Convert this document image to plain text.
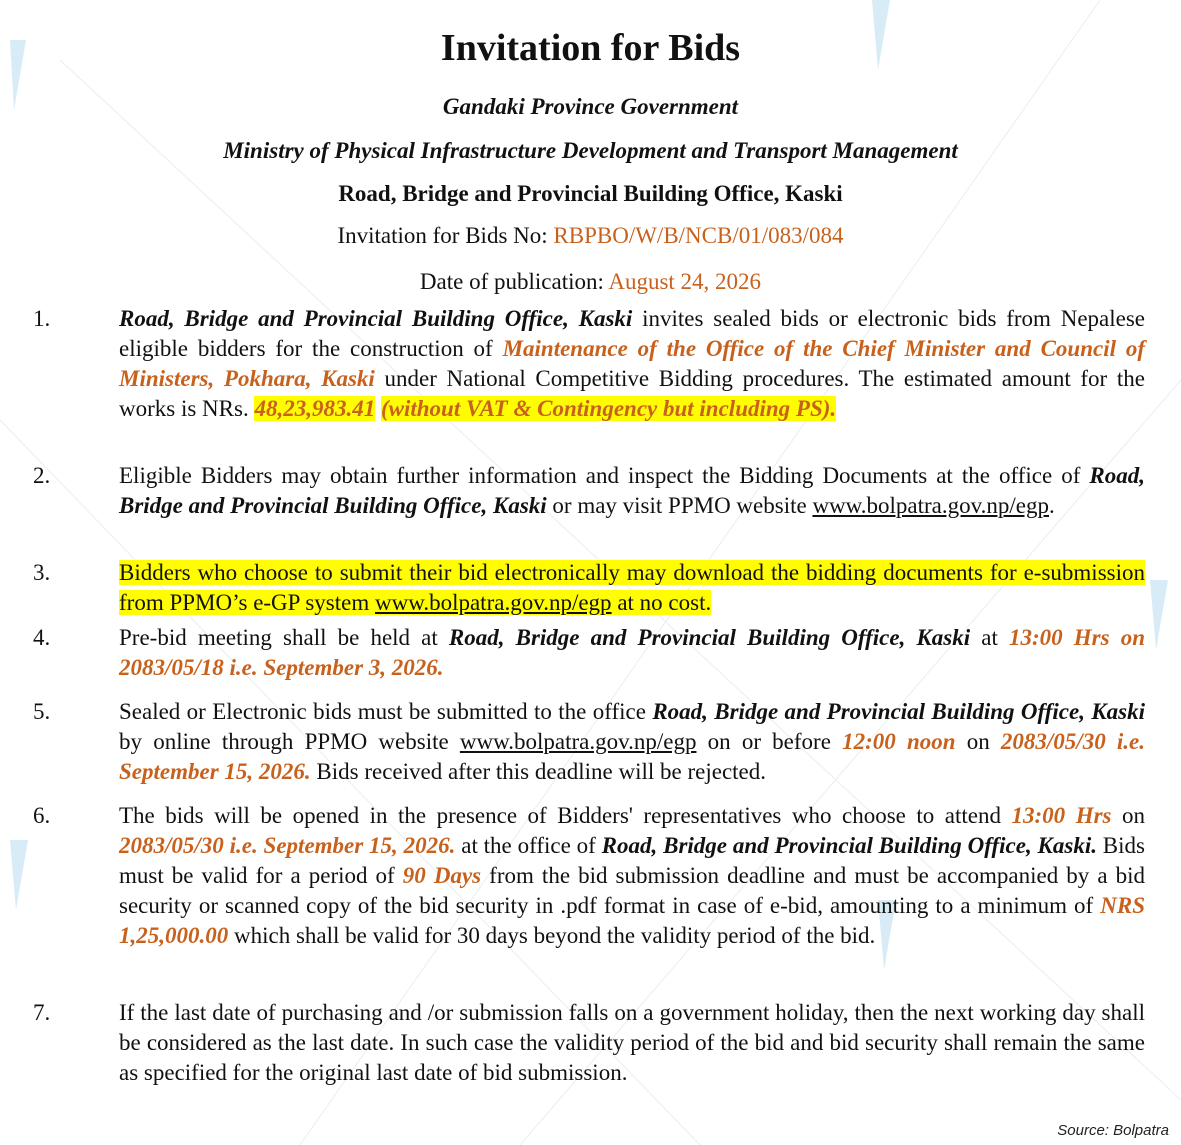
Invitation for Bids
Gandaki Province Government
Ministry of Physical Infrastructure Development and Transport Management
Road, Bridge and Provincial Building Office, Kaski
Invitation for Bids No: RBPBO/W/B/NCB/01/083/084
Date of publication: August 24, 2026
1.	Road, Bridge and Provincial Building Office, Kaski invites sealed bids or electronic bids from Nepalese eligible bidders for the construction of Maintenance of the Office of the Chief Minister and Council of Ministers, Pokhara, Kaski under National Competitive Bidding procedures. The estimated amount for the works is NRs. 48,23,983.41 (without VAT & Contingency but including PS).
2.	Eligible Bidders may obtain further information and inspect the Bidding Documents at the office of Road, Bridge and Provincial Building Office, Kaski or may visit PPMO website www.bolpatra.gov.np/egp.
3.	Bidders who choose to submit their bid electronically may download the bidding documents for e-submission from PPMO’s e-GP system www.bolpatra.gov.np/egp at no cost.
4.	Pre-bid meeting shall be held at Road, Bridge and Provincial Building Office, Kaski at 13:00 Hrs on 2083/05/18 i.e. September 3, 2026.
5.	Sealed or Electronic bids must be submitted to the office Road, Bridge and Provincial Building Office, Kaski by online through PPMO website www.bolpatra.gov.np/egp on or before 12:00 noon on 2083/05/30 i.e. September 15, 2026. Bids received after this deadline will be rejected.
6.	The bids will be opened in the presence of Bidders' representatives who choose to attend 13:00 Hrs on 2083/05/30 i.e. September 15, 2026. at the office of Road, Bridge and Provincial Building Office, Kaski. Bids must be valid for a period of 90 Days from the bid submission deadline and must be accompanied by a bid security or scanned copy of the bid security in .pdf format in case of e-bid, amounting to a minimum of NRS 1,25,000.00 which shall be valid for 30 days beyond the validity period of the bid.
7.	If the last date of purchasing and /or submission falls on a government holiday, then the next working day shall be considered as the last date. In such case the validity period of the bid and bid security shall remain the same as specified for the original last date of bid submission.
Source: Bolpatra
